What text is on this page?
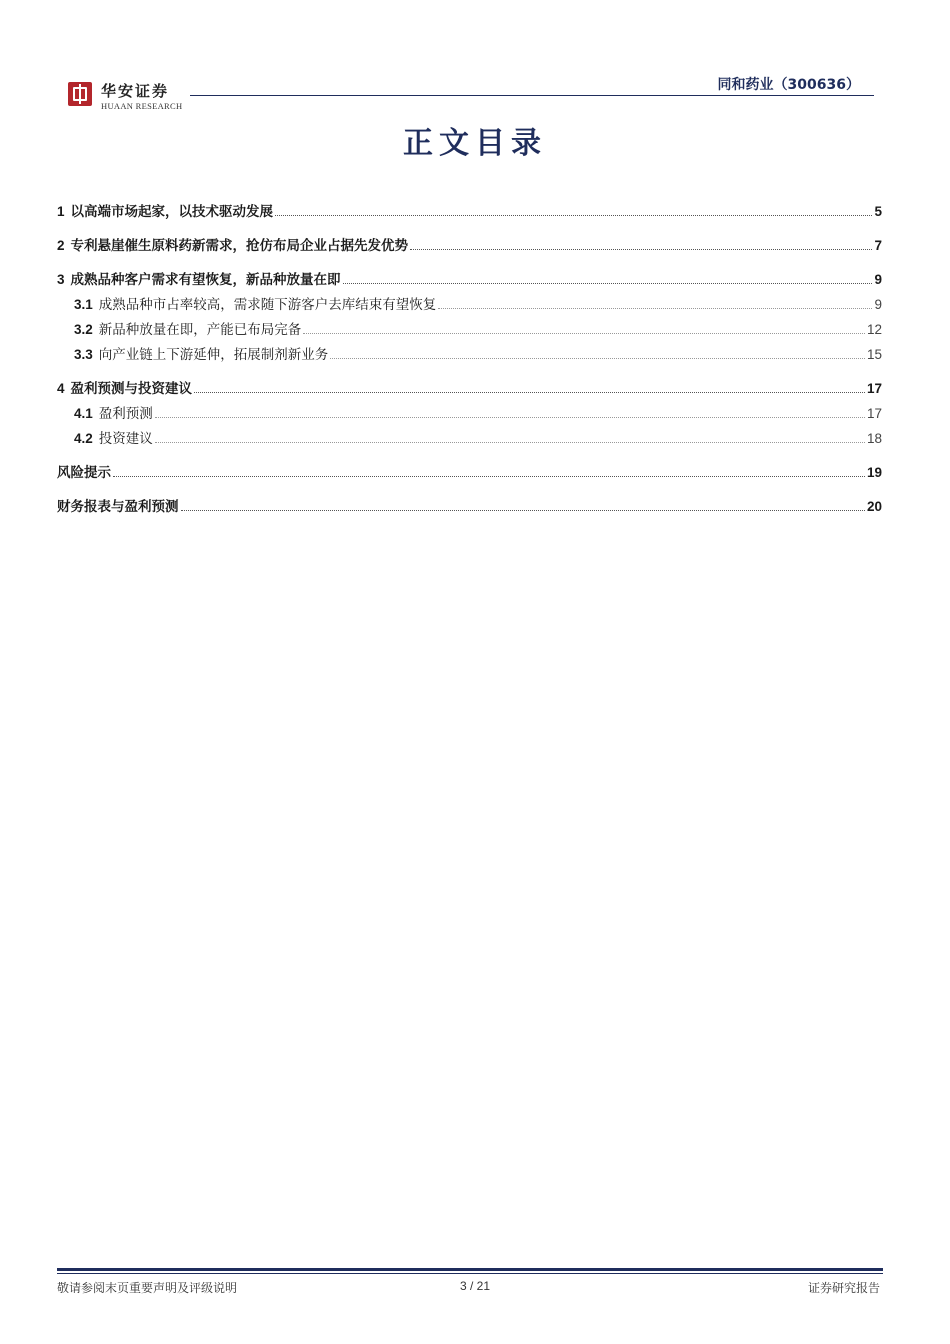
华安证券
HUAAN RESEARCH
同和药业（300636）
正文目录
1 以高端市场起家，以技术驱动发展	5
2 专利悬崖催生原料药新需求，抢仿布局企业占据先发优势	7
3 成熟品种客户需求有望恢复，新品种放量在即	9
3.1 成熟品种市占率较高，需求随下游客户去库结束有望恢复	9
3.2 新品种放量在即，产能已布局完备	12
3.3 向产业链上下游延伸，拓展制剂新业务	15
4 盈利预测与投资建议	17
4.1 盈利预测	17
4.2 投资建议	18
风险提示	19
财务报表与盈利预测	20
敬请参阅末页重要声明及评级说明	3 / 21	证券研究报告
